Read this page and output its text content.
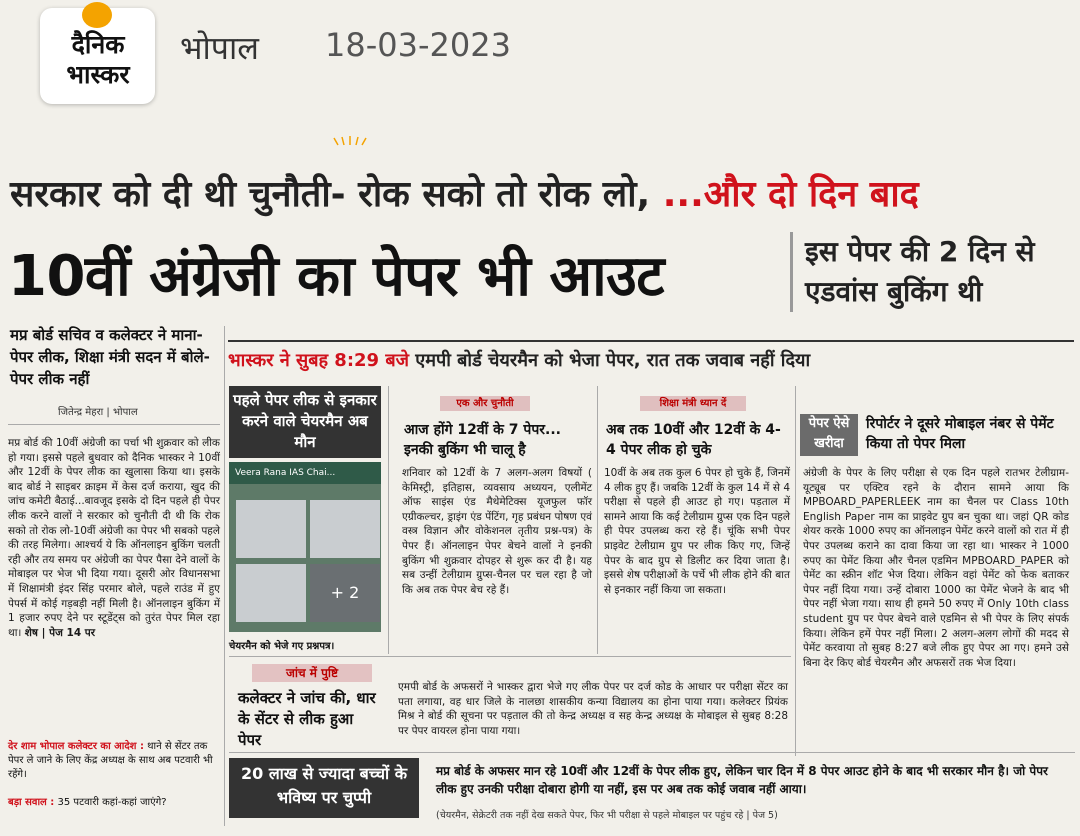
दैनिक
भास्कर
भोपाल 18-03-2023
सरकार को दी थी चुनौती- रोक सको तो रोक लो, ...और दो दिन बाद
10वीं अंग्रेजी का पेपर भी आउट	इस पेपर की 2 दिन से एडवांस बुकिंग थी
मप्र बोर्ड सचिव व कलेक्टर ने माना-पेपर लीक, शिक्षा मंत्री सदन में बोले-पेपर लीक नहीं
जितेन्द्र मेहरा | भोपाल
मप्र बोर्ड की 10वीं अंग्रेजी का पर्चा भी शुक्रवार को लीक हो गया। इससे पहले बुधवार को दैनिक भास्कर ने 10वीं और 12वीं के पेपर लीक का खुलासा किया था। इसके बाद बोर्ड ने साइबर क्राइम में केस दर्ज कराया, खुद की जांच कमेटी बैठाई...बावजूद इसके दो दिन पहले ही पेपर लीक करने वालों ने सरकार को चुनौती दी थी कि रोक सको तो रोक लो-10वीं अंग्रेजी का पेपर भी सबको पहले की तरह मिलेगा। आश्चर्य ये कि ऑनलाइन बुकिंग चलती रही और तय समय पर अंग्रेजी का पेपर पैसा देने वालों के मोबाइल पर भेज भी दिया गया। दूसरी ओर विधानसभा में शिक्षामंत्री इंदर सिंह परमार बोले, पहले राउंड में हुए पेपर्स में कोई गड़बड़ी नहीं मिली है। ऑनलाइन बुकिंग में 1 हजार रुपए देने पर स्टूडेंट्स को तुरंत पेपर मिल रहा था। शेष | पेज 14 पर
देर शाम भोपाल कलेक्टर का आदेश : थाने से सेंटर तक पेपर ले जाने के लिए केंद्र अध्यक्ष के साथ अब पटवारी भी रहेंगे।
बड़ा सवाल : 35 पटवारी कहां-कहां जाएंगे?
भास्कर ने सुबह 8:29 बजे एमपी बोर्ड चेयरमैन को भेजा पेपर, रात तक जवाब नहीं दिया
पहले पेपर लीक से इनकार करने वाले चेयरमैन अब मौन
Veera Rana IAS Chai...
+ 2
चेयरमैन को भेजे गए प्रश्नपत्र।
एक और चुनौती
आज होंगे 12वीं के 7 पेपर... इनकी बुकिंग भी चालू है
शनिवार को 12वीं के 7 अलग-अलग विषयों ( केमिस्ट्री, इतिहास, व्यवसाय अध्ययन, एलीमेंट ऑफ साइंस एंड मैथेमेटिक्स यूजफुल फॉर एग्रीकल्चर, ड्राइंग एंड पेंटिंग, गृह प्रबंधन पोषण एवं वस्त्र विज्ञान और वोकेशनल तृतीय प्रश्न-पत्र) के पेपर हैं। ऑनलाइन पेपर बेचने वालों ने इनकी बुकिंग भी शुक्रवार दोपहर से शुरू कर दी है। यह सब उन्हीं टेलीग्राम ग्रुप्स-चैनल पर चल रहा है जो कि अब तक पेपर बेच रहे हैं।
शिक्षा मंत्री ध्यान दें
अब तक 10वीं और 12वीं के 4-4 पेपर लीक हो चुके
10वीं के अब तक कुल 6 पेपर हो चुके हैं, जिनमें 4 लीक हुए हैं। जबकि 12वीं के कुल 14 में से 4 परीक्षा से पहले ही आउट हो गए। पड़ताल में सामने आया कि कई टेलीग्राम ग्रुप्स एक दिन पहले ही पेपर उपलब्ध करा रहे हैं। चूंकि सभी पेपर प्राइवेट टेलीग्राम ग्रुप पर लीक किए गए, जिन्हें पेपर के बाद ग्रुप से डिलीट कर दिया जाता है। इससे शेष परीक्षाओं के पर्चे भी लीक होने की बात से इनकार नहीं किया जा सकता।
पेपर ऐसे खरीदा
रिपोर्टर ने दूसरे मोबाइल नंबर से पेमेंट किया तो पेपर मिला
अंग्रेजी के पेपर के लिए परीक्षा से एक दिन पहले रातभर टेलीग्राम-यूट्यूब पर एक्टिव रहने के दौरान सामने आया कि MPBOARD_PAPERLEEK नाम का चैनल पर Class 10th English Paper नाम का प्राइवेट ग्रुप बन चुका था। जहां QR कोड शेयर करके 1000 रुपए का ऑनलाइन पेमेंट करने वालों को रात में ही पेपर उपलब्ध कराने का दावा किया जा रहा था। भास्कर ने 1000 रुपए का पेमेंट किया और चैनल एडमिन MPBOARD_PAPER को पेमेंट का स्क्रीन शॉट भेज दिया। लेकिन वहां पेमेंट को फेक बताकर पेपर नहीं दिया गया। उन्हें दोबारा 1000 का पेमेंट भेजने के बाद भी पेपर नहीं भेजा गया। साथ ही हमने 50 रुपए में Only 10th class student ग्रुप पर पेपर बेचने वाले एडमिन से भी पेपर के लिए संपर्क किया। लेकिन हमें पेपर नहीं मिला। 2 अलग-अलग लोगों की मदद से पेमेंट करवाया तो सुबह 8:27 बजे लीक हुए पेपर आ गए। हमने उसे बिना देर किए बोर्ड चेयरमैन और अफसरों तक भेज दिया।
जांच में पुष्टि
कलेक्टर ने जांच की, धार के सेंटर से लीक हुआ पेपर
एमपी बोर्ड के अफसरों ने भास्कर द्वारा भेजे गए लीक पेपर पर दर्ज कोड के आधार पर परीक्षा सेंटर का पता लगाया, वह धार जिले के नालछा शासकीय कन्या विद्यालय का होना पाया गया। कलेक्टर प्रियंक मिश्र ने बोर्ड की सूचना पर पड़ताल की तो केन्द्र अध्यक्ष व सह केन्द्र अध्यक्ष के मोबाइल से सुबह 8:28 पर पेपर वायरल होना पाया गया।
20 लाख से ज्यादा बच्चों के भविष्य पर चुप्पी
मप्र बोर्ड के अफसर मान रहे 10वीं और 12वीं के पेपर लीक हुए, लेकिन चार दिन में 8 पेपर आउट होने के बाद भी सरकार मौन है। जो पेपर लीक हुए उनकी परीक्षा दोबारा होगी या नहीं, इस पर अब तक कोई जवाब नहीं आया।
(चेयरमैन, सेक्रेटरी तक नहीं देख सकते पेपर, फिर भी परीक्षा से पहले मोबाइल पर पहुंच रहे | पेज 5)
